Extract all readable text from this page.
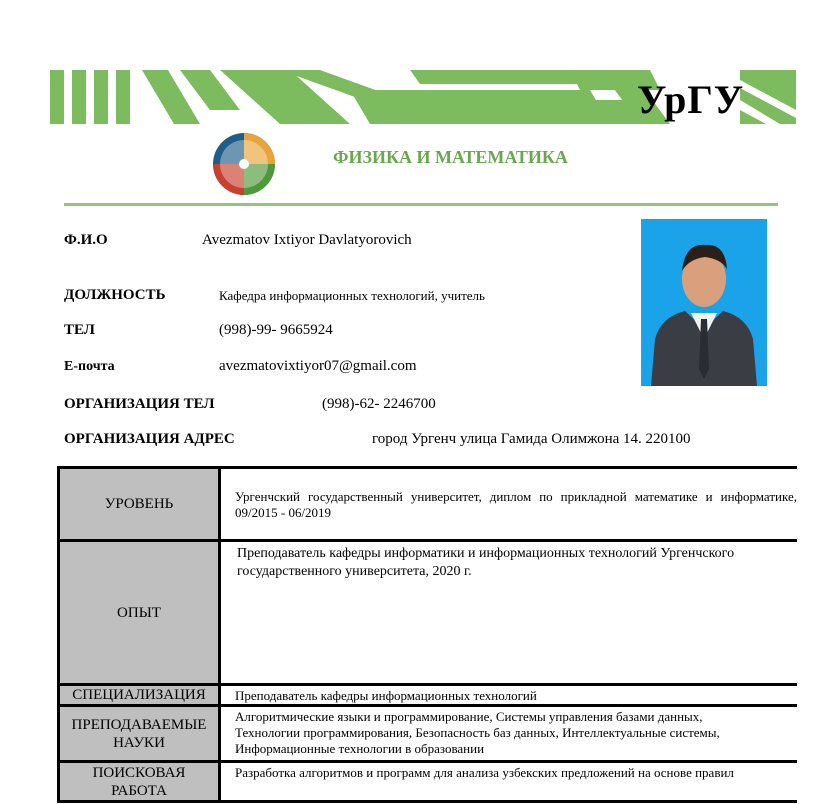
УрГУ
ФИЗИКА И МАТЕМАТИКА
Ф.И.О	Avezmatov Ixtiyor Davlatyorovich
ДОЛЖНОСТЬ	Кафедра информационных технологий, учитель
ТЕЛ	(998)-99- 9665924
E-почта	avezmatovixtiyor07@gmail.com
ОРГАНИЗАЦИЯ ТЕЛ	(998)-62- 2246700
ОРГАНИЗАЦИЯ АДРЕС	город Ургенч улица Гамида Олимжона 14. 220100
УРОВЕНЬ	Ургенчский государственный университет, диплом по прикладной математике и информатике, 09/2015 - 06/2019
ОПЫТ	Преподаватель кафедры информатики и информационных технологий Ургенчского государственного университета, 2020 г.
СПЕЦИАЛИЗАЦИЯ	Преподаватель кафедры информационных технологий
ПРЕПОДАВАЕМЫЕ НАУКИ	Алгоритмические языки и программирование, Системы управления базами данных, Технологии программирования, Безопасность баз данных, Интеллектуальные системы, Информационные технологии в образовании
ПОИСКОВАЯ РАБОТА	Разработка алгоритмов и программ для анализа узбекских предложений на основе правил
